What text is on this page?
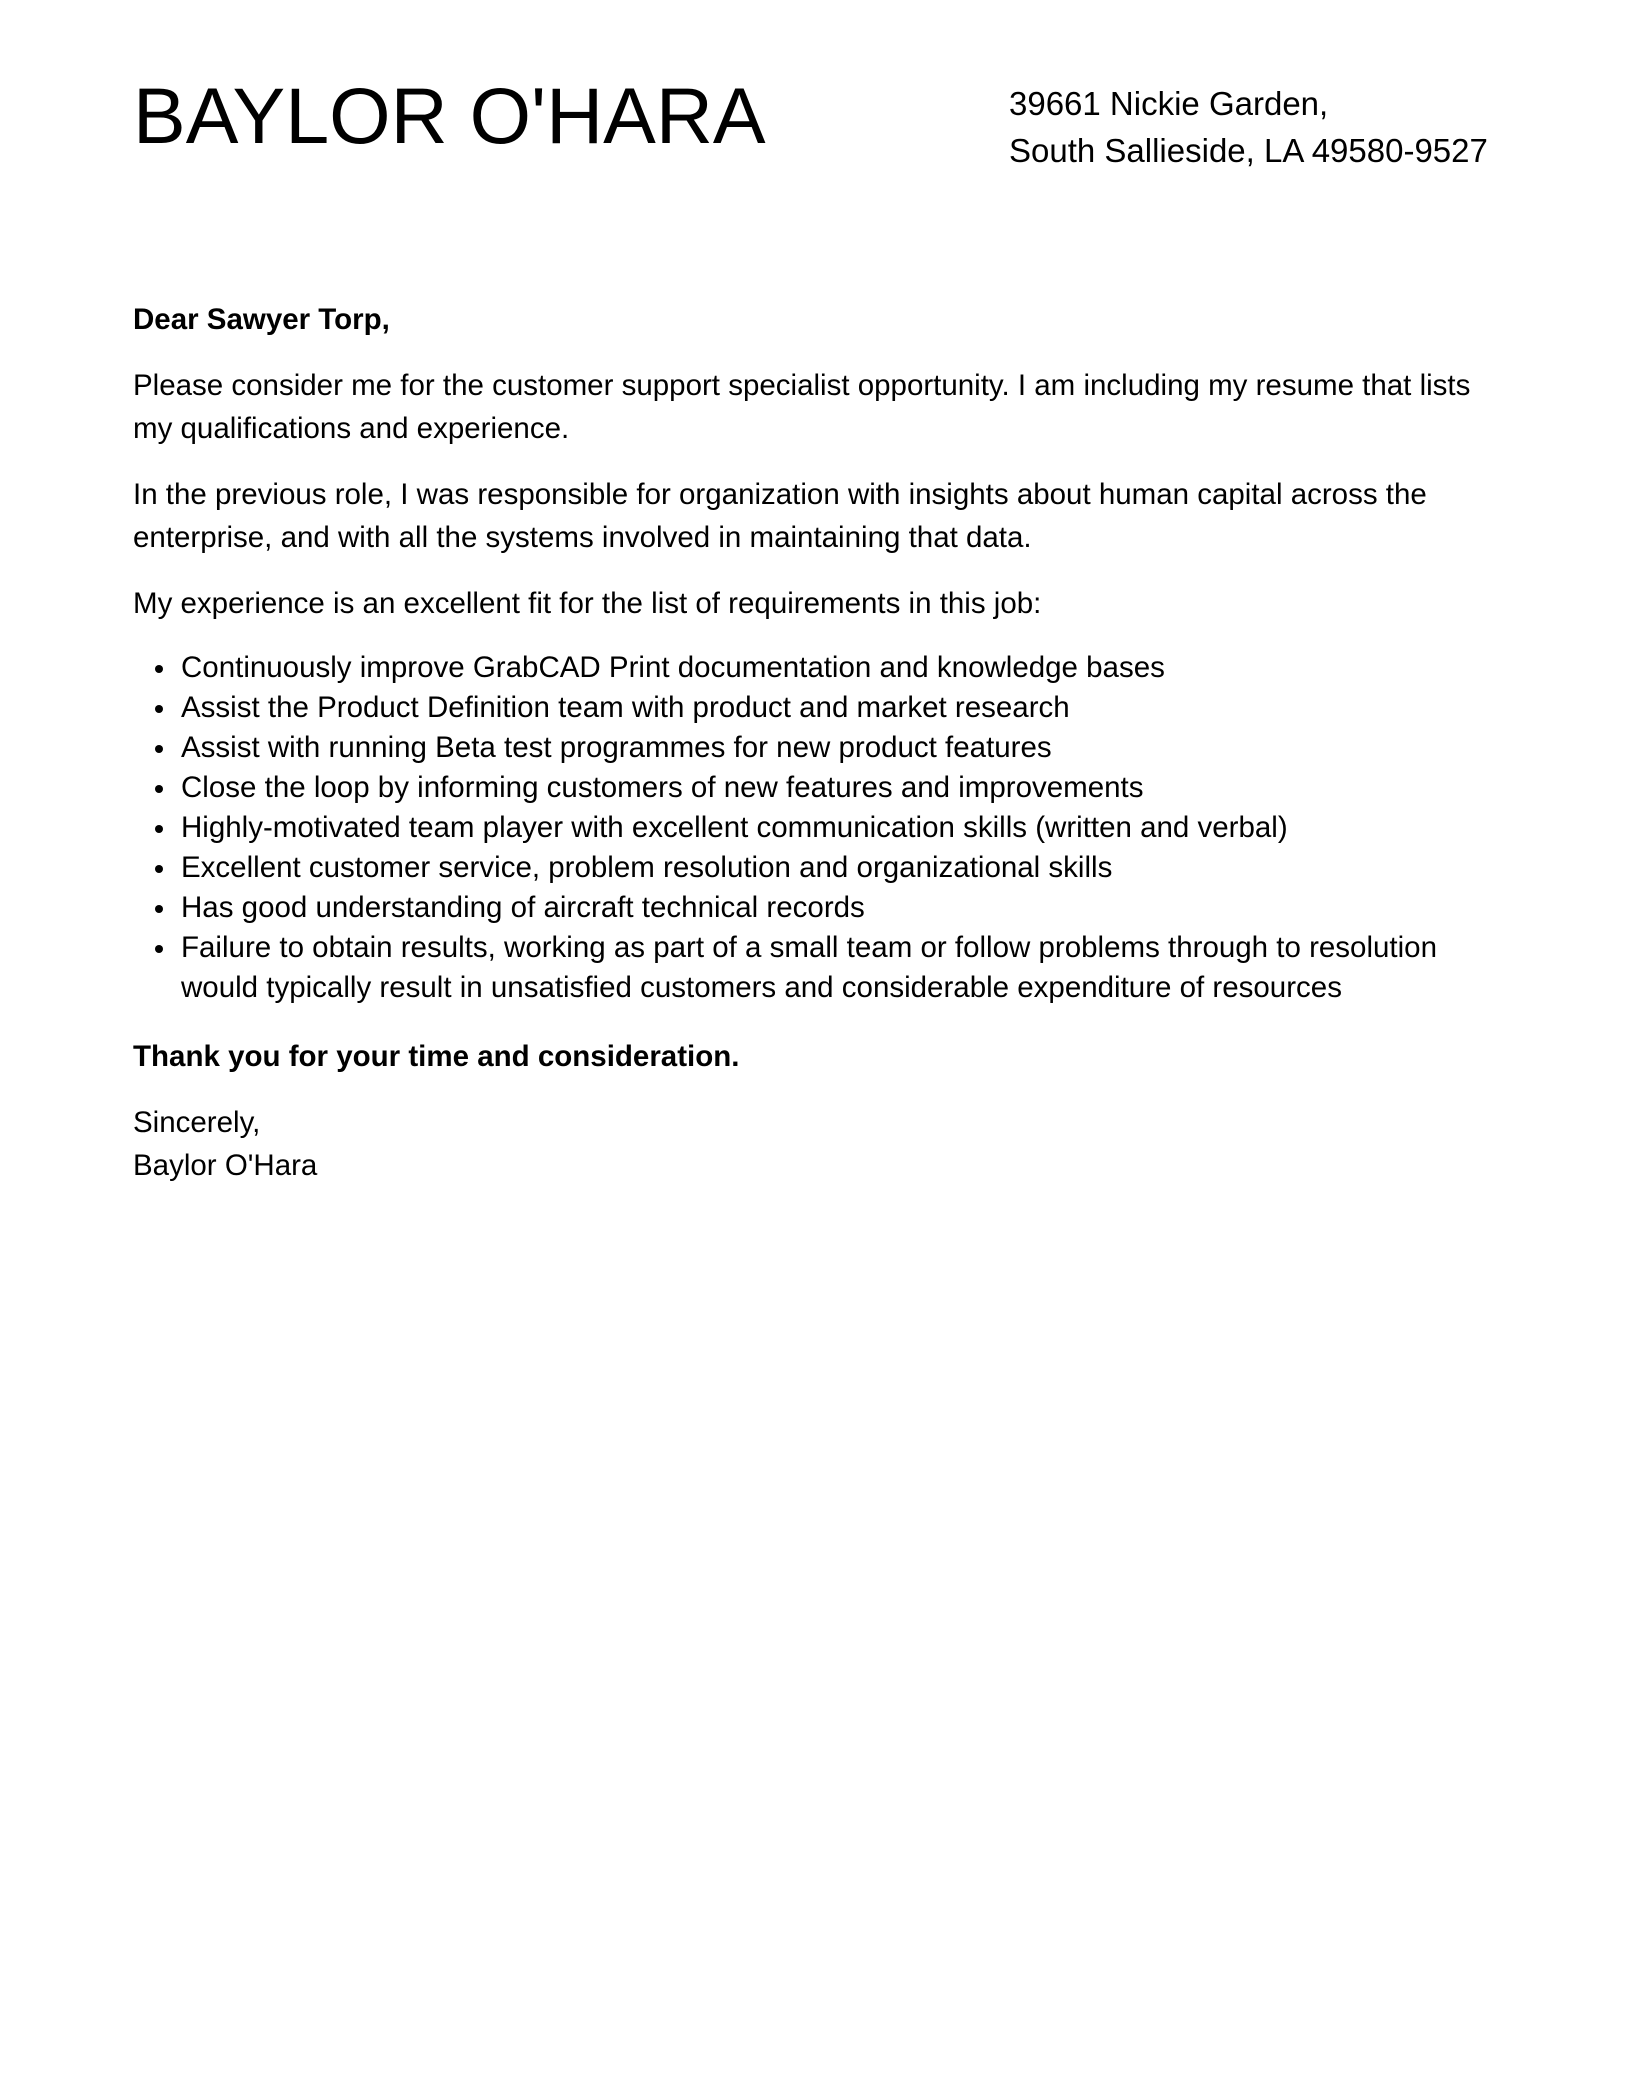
BAYLOR O'HARA	39661 Nickie Garden,
South Sallieside, LA 49580-9527

Dear Sawyer Torp,

Please consider me for the customer support specialist opportunity. I am including my resume that lists my qualifications and experience.

In the previous role, I was responsible for organization with insights about human capital across the enterprise, and with all the systems involved in maintaining that data.

My experience is an excellent fit for the list of requirements in this job:

Continuously improve GrabCAD Print documentation and knowledge bases
Assist the Product Definition team with product and market research
Assist with running Beta test programmes for new product features
Close the loop by informing customers of new features and improvements
Highly-motivated team player with excellent communication skills (written and verbal)
Excellent customer service, problem resolution and organizational skills
Has good understanding of aircraft technical records
Failure to obtain results, working as part of a small team or follow problems through to resolution would typically result in unsatisfied customers and considerable expenditure of resources

Thank you for your time and consideration.

Sincerely,
Baylor O'Hara
